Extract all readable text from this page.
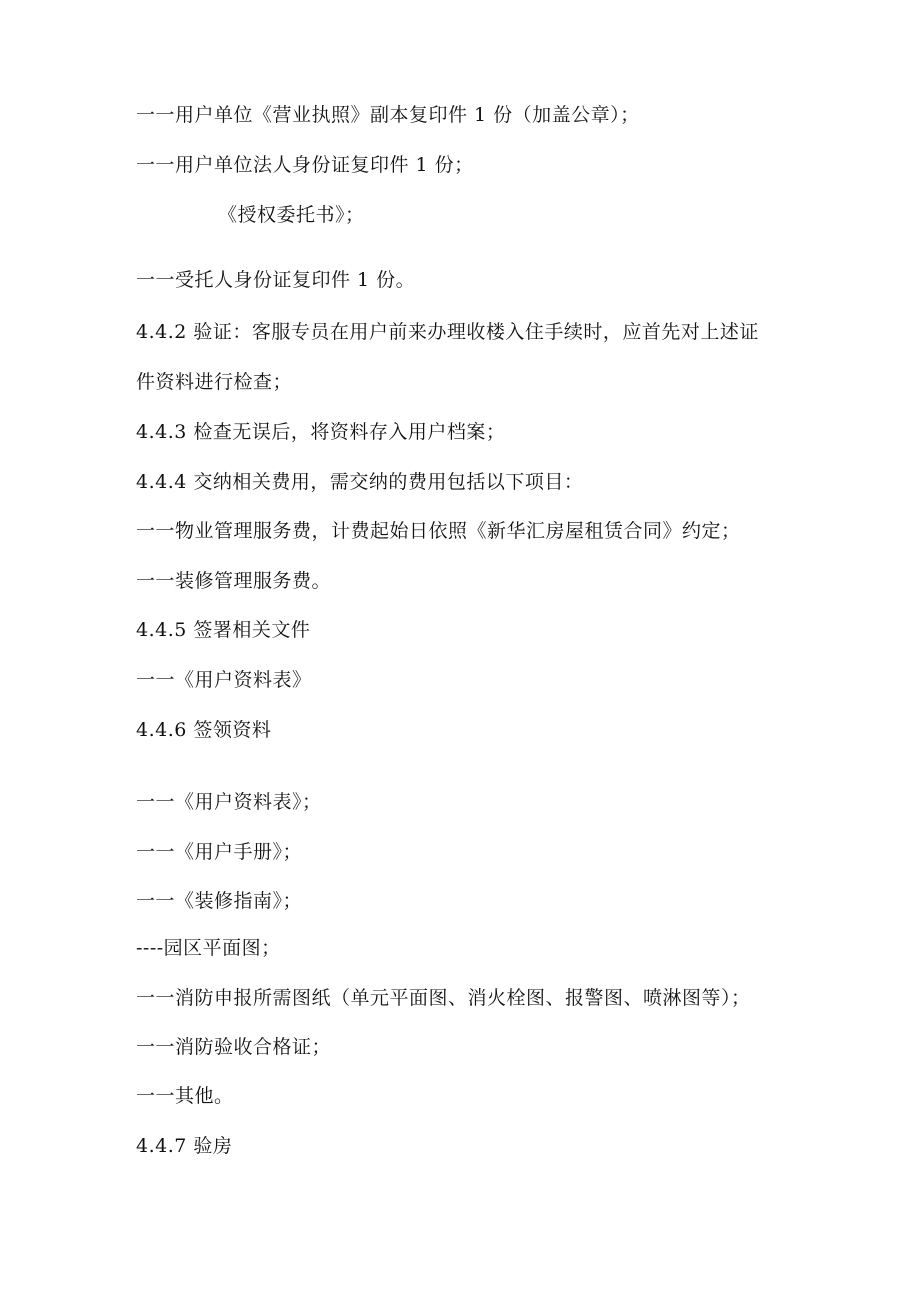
一一用户单位《营业执照》副本复印件 1 份（加盖公章）；
一一用户单位法人身份证复印件 1 份；
《授权委托书》；
一一受托人身份证复印件 1 份。
4.4.2 验证：客服专员在用户前来办理收楼入住手续时，应首先对上述证
件资料进行检查；
4.4.3 检查无误后，将资料存入用户档案；
4.4.4 交纳相关费用，需交纳的费用包括以下项目：
一一物业管理服务费，计费起始日依照《新华汇房屋租赁合同》约定；
一一装修管理服务费。
4.4.5 签署相关文件
一一《用户资料表》
4.4.6 签领资料
一一《用户资料表》；
一一《用户手册》；
一一《装修指南》；
----园区平面图；
一一消防申报所需图纸（单元平面图、消火栓图、报警图、喷淋图等）；
一一消防验收合格证；
一一其他。
4.4.7 验房
